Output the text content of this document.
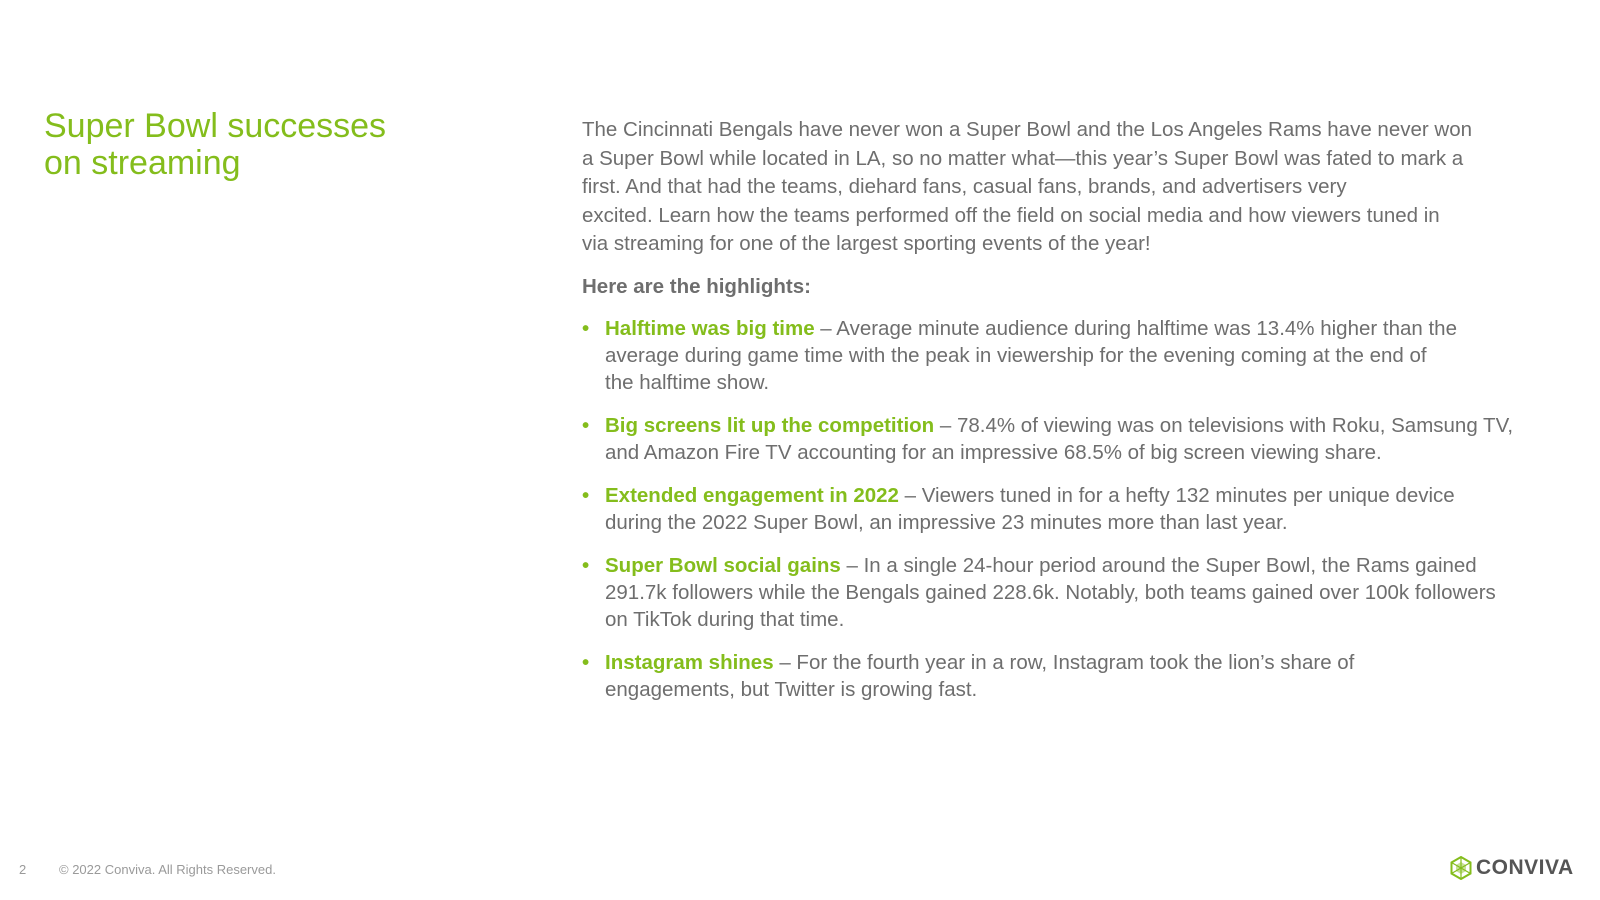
Super Bowl successes
on streaming

The Cincinnati Bengals have never won a Super Bowl and the Los Angeles Rams have never won
a Super Bowl while located in LA, so no matter what—this year’s Super Bowl was fated to mark a
first. And that had the teams, diehard fans, casual fans, brands, and advertisers very
excited. Learn how the teams performed off the field on social media and how viewers tuned in
via streaming for one of the largest sporting events of the year!

Here are the highlights:

• Halftime was big time – Average minute audience during halftime was 13.4% higher than the
average during game time with the peak in viewership for the evening coming at the end of
the halftime show.
• Big screens lit up the competition – 78.4% of viewing was on televisions with Roku, Samsung TV,
and Amazon Fire TV accounting for an impressive 68.5% of big screen viewing share.
• Extended engagement in 2022 – Viewers tuned in for a hefty 132 minutes per unique device
during the 2022 Super Bowl, an impressive 23 minutes more than last year.
• Super Bowl social gains – In a single 24-hour period around the Super Bowl, the Rams gained
291.7k followers while the Bengals gained 228.6k. Notably, both teams gained over 100k followers
on TikTok during that time.
• Instagram shines – For the fourth year in a row, Instagram took the lion’s share of
engagements, but Twitter is growing fast.
2	© 2022 Conviva. All Rights Reserved.	CONVIVA
